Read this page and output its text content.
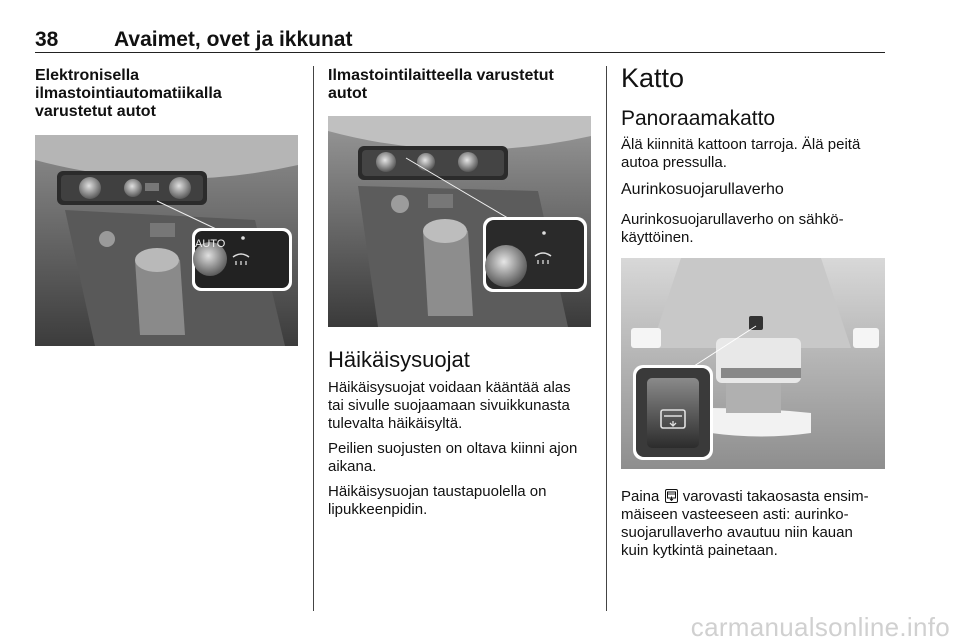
38	Avaimet, ovet ja ikkunat
Elektronisella
ilmastointiautomatiikalla
varustetut autot
AUTO
Ilmastointilaitteella varustetut
autot
Häikäisysuojat
Häikäisysuojat voidaan kääntää alas
tai sivulle suojaamaan sivuikkunasta
tulevalta häikäisyltä.
Peilien suojusten on oltava kiinni ajon
aikana.
Häikäisysuojan taustapuolella on
lipukkeenpidin.
Katto
Panoraamakatto
Älä kiinnitä kattoon tarroja. Älä peitä
autoa pressulla.
Aurinkosuojarullaverho
Aurinkosuojarullaverho on sähkö-
käyttöinen.
Paina varovasti takaosasta ensim-
mäiseen vasteeseen asti: aurinko-
suojarullaverho avautuu niin kauan
kuin kytkintä painetaan.
carmanualsonline.info
